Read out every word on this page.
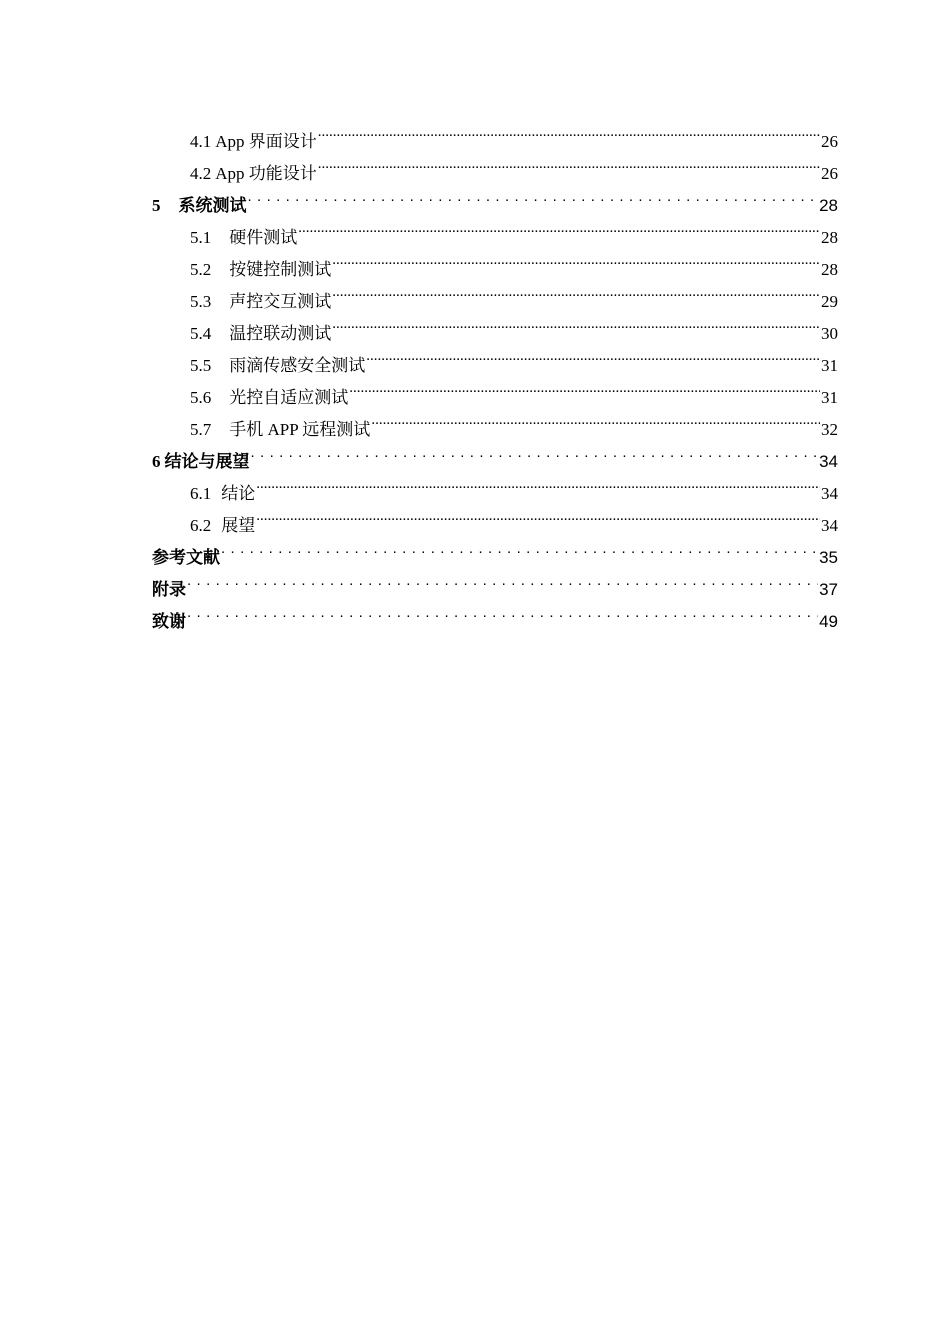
4.1 App 界面设计 .....	26
4.2 App 功能设计 .....	26
5 系统测试 . . .	28
5.1 硬件测试 .....	28
5.2 按键控制测试 .....	28
5.3 声控交互测试 .....	29
5.4 温控联动测试 .....	30
5.5 雨滴传感安全测试 .....	31
5.6 光控自适应测试 .....	31
5.7 手机 APP 远程测试 .....	32
6 结论与展望 . . .	34
6.1 结论 .....	34
6.2 展望 .....	34
参考文献 . . .	35
附录 . . .	37
致谢 . . .	49
